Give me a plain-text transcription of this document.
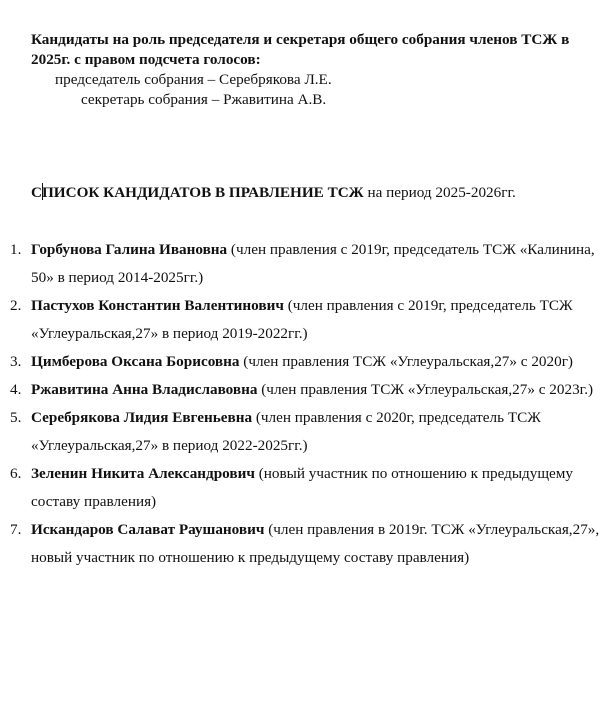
Кандидаты на роль председателя и секретаря общего собрания членов ТСЖ в 2025г. с правом подсчета голосов:

председатель собрания – Серебрякова Л.Е.

секретарь собрания – Ржавитина А.В.

СПИСОК КАНДИДАТОВ В ПРАВЛЕНИЕ ТСЖ на период 2025-2026гг.
1. Горбунова Галина Ивановна (член правления с 2019г, председатель ТСЖ «Калинина, 50» в период 2014-2025гг.)
2. Пастухов Константин Валентинович (член правления с 2019г, председатель ТСЖ «Углеуральская,27» в период 2019-2022гг.)
3. Цимберова Оксана Борисовна (член правления ТСЖ «Углеуральская,27» с 2020г)
4. Ржавитина Анна Владиславовна (член правления ТСЖ «Углеуральская,27» с 2023г.)
5. Серебрякова Лидия Евгеньевна (член правления с 2020г, председатель ТСЖ «Углеуральская,27» в период 2022-2025гг.)
6. Зеленин Никита Александрович (новый участник по отношению к предыдущему составу правления)
7. Искандаров Салават Раушанович (член правления в 2019г. ТСЖ «Углеуральская,27», новый участник по отношению к предыдущему составу правления)
